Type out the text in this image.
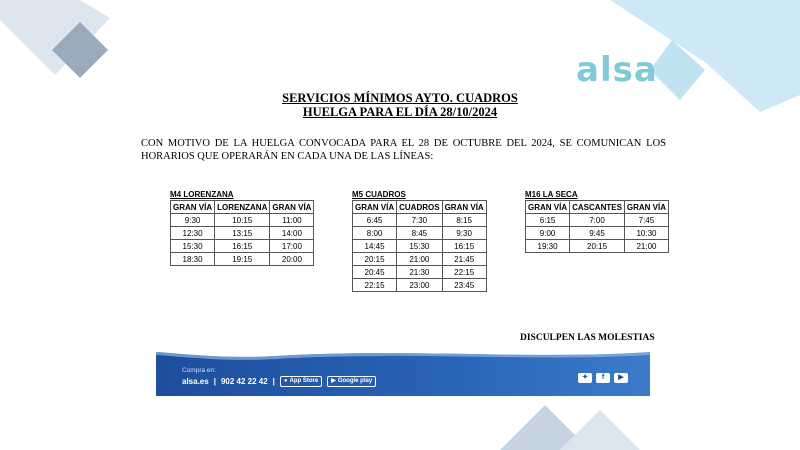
alsa
SERVICIOS MÍNIMOS AYTO. CUADROS
HUELGA PARA EL DÍA 28/10/2024
CON MOTIVO DE LA HUELGA CONVOCADA PARA EL 28 DE OCTUBRE DEL 2024, SE COMUNICAN LOS HORARIOS QUE OPERARÁN EN CADA UNA DE LAS LÍNEAS:
M4 LORENZANA
GRAN VÍA	LORENZANA	GRAN VÍA
9:30	10:15	11:00
12:30	13:15	14:00
15:30	16:15	17:00
18:30	19:15	20:00
M5 CUADROS
GRAN VÍA	CUADROS	GRAN VÍA
6:45	7:30	8:15
8:00	8:45	9:30
14:45	15:30	16:15
20:15	21:00	21:45
20:45	21:30	22:15
22:15	23:00	23:45
M16 LA SECA
GRAN VÍA	CASCANTES	GRAN VÍA
6:15	7:00	7:45
9:00	9:45	10:30
19:30	20:15	21:00
DISCULPEN LAS MOLESTIAS
Compra en:
alsa.es | 902 42 22 42 | ● App Store ▶ Google play	✦	f	▶
